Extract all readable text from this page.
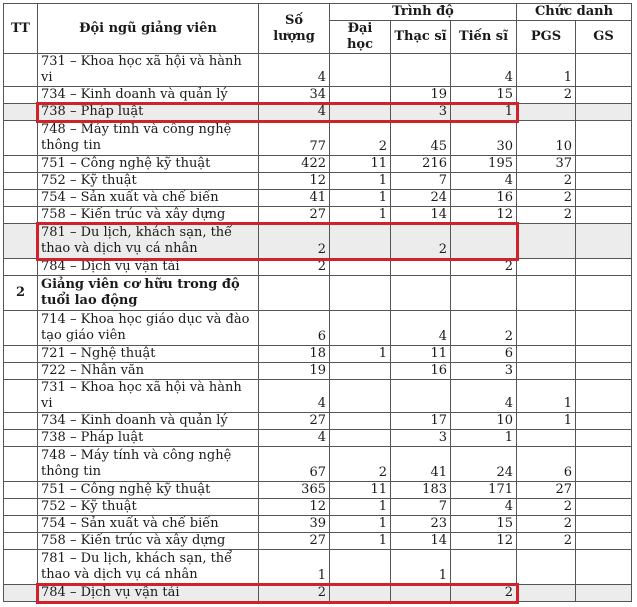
TT	Đội ngũ giảng viên	Số lượng	Trình độ			Chức danh	
			Đại học	Thạc sĩ	Tiến sĩ	PGS	GS
	731 – Khoa học xã hội và hành vi	4			4	1	
	734 – Kinh doanh và quản lý	34		19	15	2	
	738 – Pháp luật	4		3	1		
	748 – Máy tính và công nghệ thông tin	77	2	45	30	10	
	751 – Công nghệ kỹ thuật	422	11	216	195	37	
	752 – Kỹ thuật	12	1	7	4	2	
	754 – Sản xuất và chế biến	41	1	24	16	2	
	758 – Kiến trúc và xây dựng	27	1	14	12	2	
	781 – Du lịch, khách sạn, thể thao và dịch vụ cá nhân	2		2			
	784 – Dịch vụ vận tải	2			2		
2	Giảng viên cơ hữu trong độ tuổi lao động						
	714 – Khoa học giáo dục và đào tạo giáo viên	6		4	2		
	721 – Nghệ thuật	18	1	11	6		
	722 – Nhân văn	19		16	3		
	731 – Khoa học xã hội và hành vi	4			4	1	
	734 – Kinh doanh và quản lý	27		17	10	1	
	738 – Pháp luật	4		3	1		
	748 – Máy tính và công nghệ thông tin	67	2	41	24	6	
	751 – Công nghệ kỹ thuật	365	11	183	171	27	
	752 – Kỹ thuật	12	1	7	4	2	
	754 – Sản xuất và chế biến	39	1	23	15	2	
	758 – Kiến trúc và xây dựng	27	1	14	12	2	
	781 – Du lịch, khách sạn, thể thao và dịch vụ cá nhân	1		1			
	784 – Dịch vụ vận tải	2			2		
